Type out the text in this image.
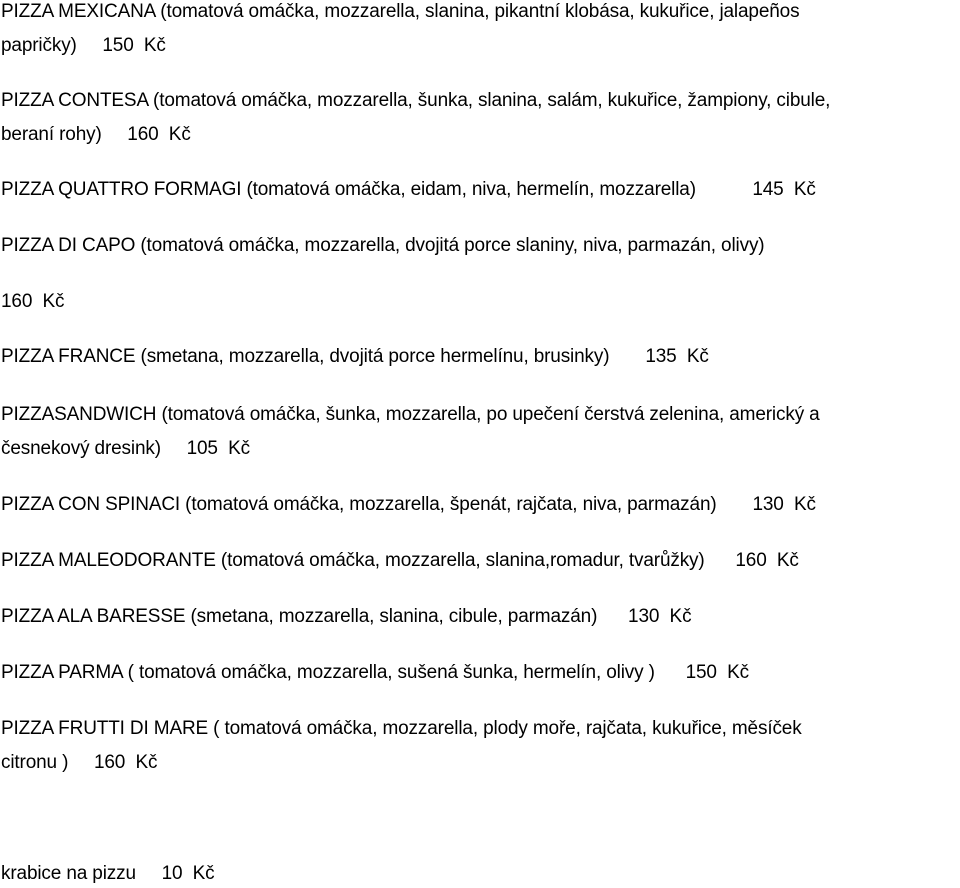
PIZZA MEXICANA (tomatová omáčka, mozzarella, slanina, pikantní klobása, kukuřice, jalapeños
papričky) 150  Kč
PIZZA CONTESA (tomatová omáčka, mozzarella, šunka, slanina, salám, kukuřice, žampiony, cibule,
beraní rohy) 160  Kč
PIZZA QUATTRO FORMAGI (tomatová omáčka, eidam, niva, hermelín, mozzarella)	145  Kč
PIZZA DI CAPO (tomatová omáčka, mozzarella, dvojitá porce slaniny, niva, parmazán, olivy)
160  Kč
PIZZA FRANCE (smetana, mozzarella, dvojitá porce hermelínu, brusinky) 135  Kč
PIZZASANDWICH (tomatová omáčka, šunka, mozzarella, po upečení čerstvá zelenina, americký a
česnekový dresink) 105  Kč
PIZZA CON SPINACI (tomatová omáčka, mozzarella, špenát, rajčata, niva, parmazán) 130  Kč
PIZZA MALEODORANTE (tomatová omáčka, mozzarella, slanina,romadur, tvarůžky) 160  Kč
PIZZA ALA BARESSE (smetana, mozzarella, slanina, cibule, parmazán) 130  Kč
PIZZA PARMA ( tomatová omáčka, mozzarella, sušená šunka, hermelín, olivy ) 150  Kč
PIZZA FRUTTI DI MARE ( tomatová omáčka, mozzarella, plody moře, rajčata, kukuřice, měsíček
citronu ) 160  Kč
krabice na pizzu 10  Kč
